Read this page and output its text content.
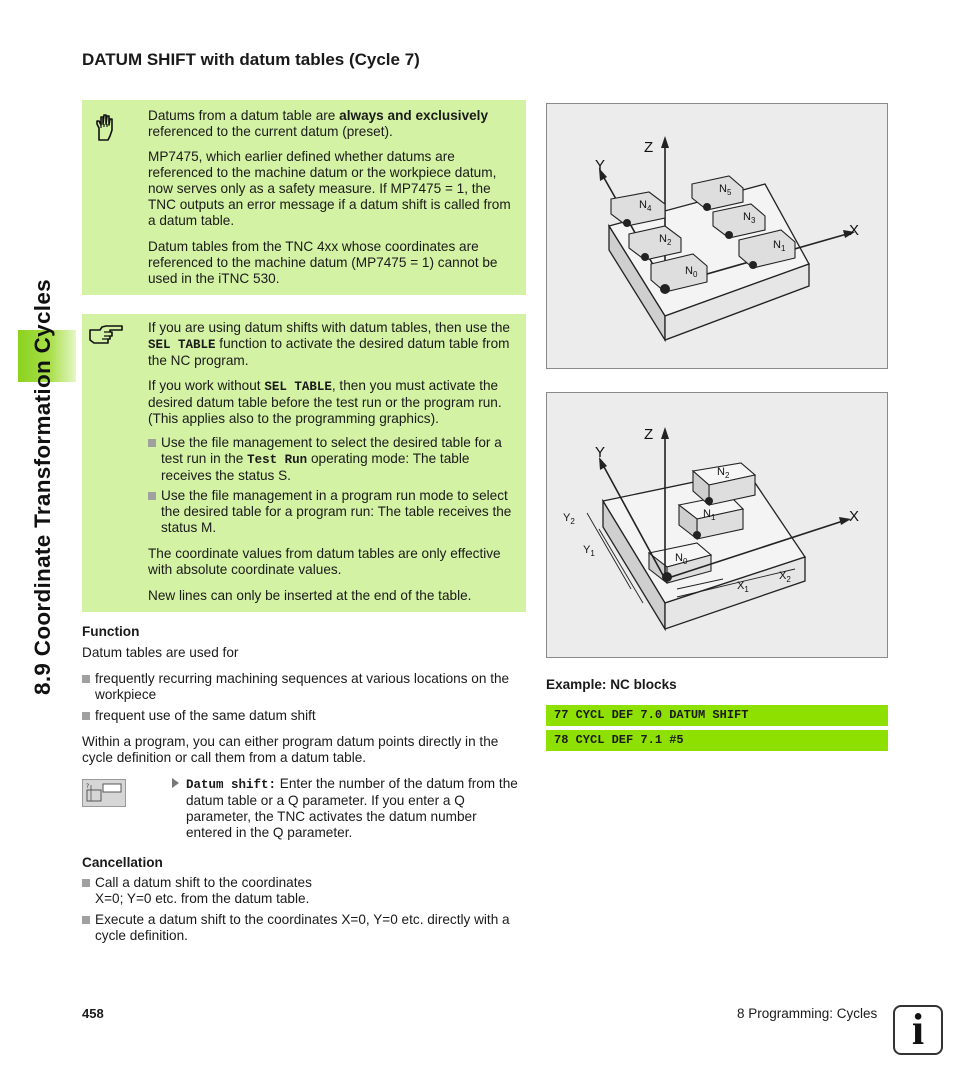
8.9 Coordinate Transformation Cycles
DATUM SHIFT with datum tables (Cycle 7)

Datums from a datum table are always and exclusively referenced to the current datum (preset).

MP7475, which earlier defined whether datums are referenced to the machine datum or the workpiece datum, now serves only as a safety measure. If MP7475 = 1, the TNC outputs an error message if a datum shift is called from a datum table.

Datum tables from the TNC 4xx whose coordinates are referenced to the machine datum (MP7475 = 1) cannot be used in the iTNC 530.

If you are using datum shifts with datum tables, then use the SEL TABLE function to activate the desired datum table from the NC program.

If you work without SEL TABLE, then you must activate the desired datum table before the test run or the program run. (This applies also to the programming graphics).

Use the file management to select the desired table for a test run in the Test Run operating mode: The table receives the status S.
Use the file management in a program run mode to select the desired table for a program run: The table receives the status M.

The coordinate values from datum tables are only effective with absolute coordinate values.

New lines can only be inserted at the end of the table.

Function
Datum tables are used for
frequently recurring machining sequences at various locations on the workpiece
frequent use of the same datum shift
Within a program, you can either program datum points directly in the cycle definition or call them from a datum table.
?	Datum shift: Enter the number of the datum from the datum table or a Q parameter. If you enter a Q parameter, the TNC activates the datum number entered in the Q parameter.
Cancellation
Call a datum shift to the coordinates X=0; Y=0 etc. from the datum table.
Execute a datum shift to the coordinates X=0, Y=0 etc. directly with a cycle definition.
Z
Y
X
$N_4$
$N_5$
$N_2$
$N_3$
$N_0$
$N_1$
Z
Y
X
$N_2$
$N_1$
$N_0$
$Y_2$
$Y_1$
$X_1$
$X_2$
Example: NC blocks
77 CYCL DEF 7.0 DATUM SHIFT
78 CYCL DEF 7.1 #5
458	8 Programming: Cycles i
